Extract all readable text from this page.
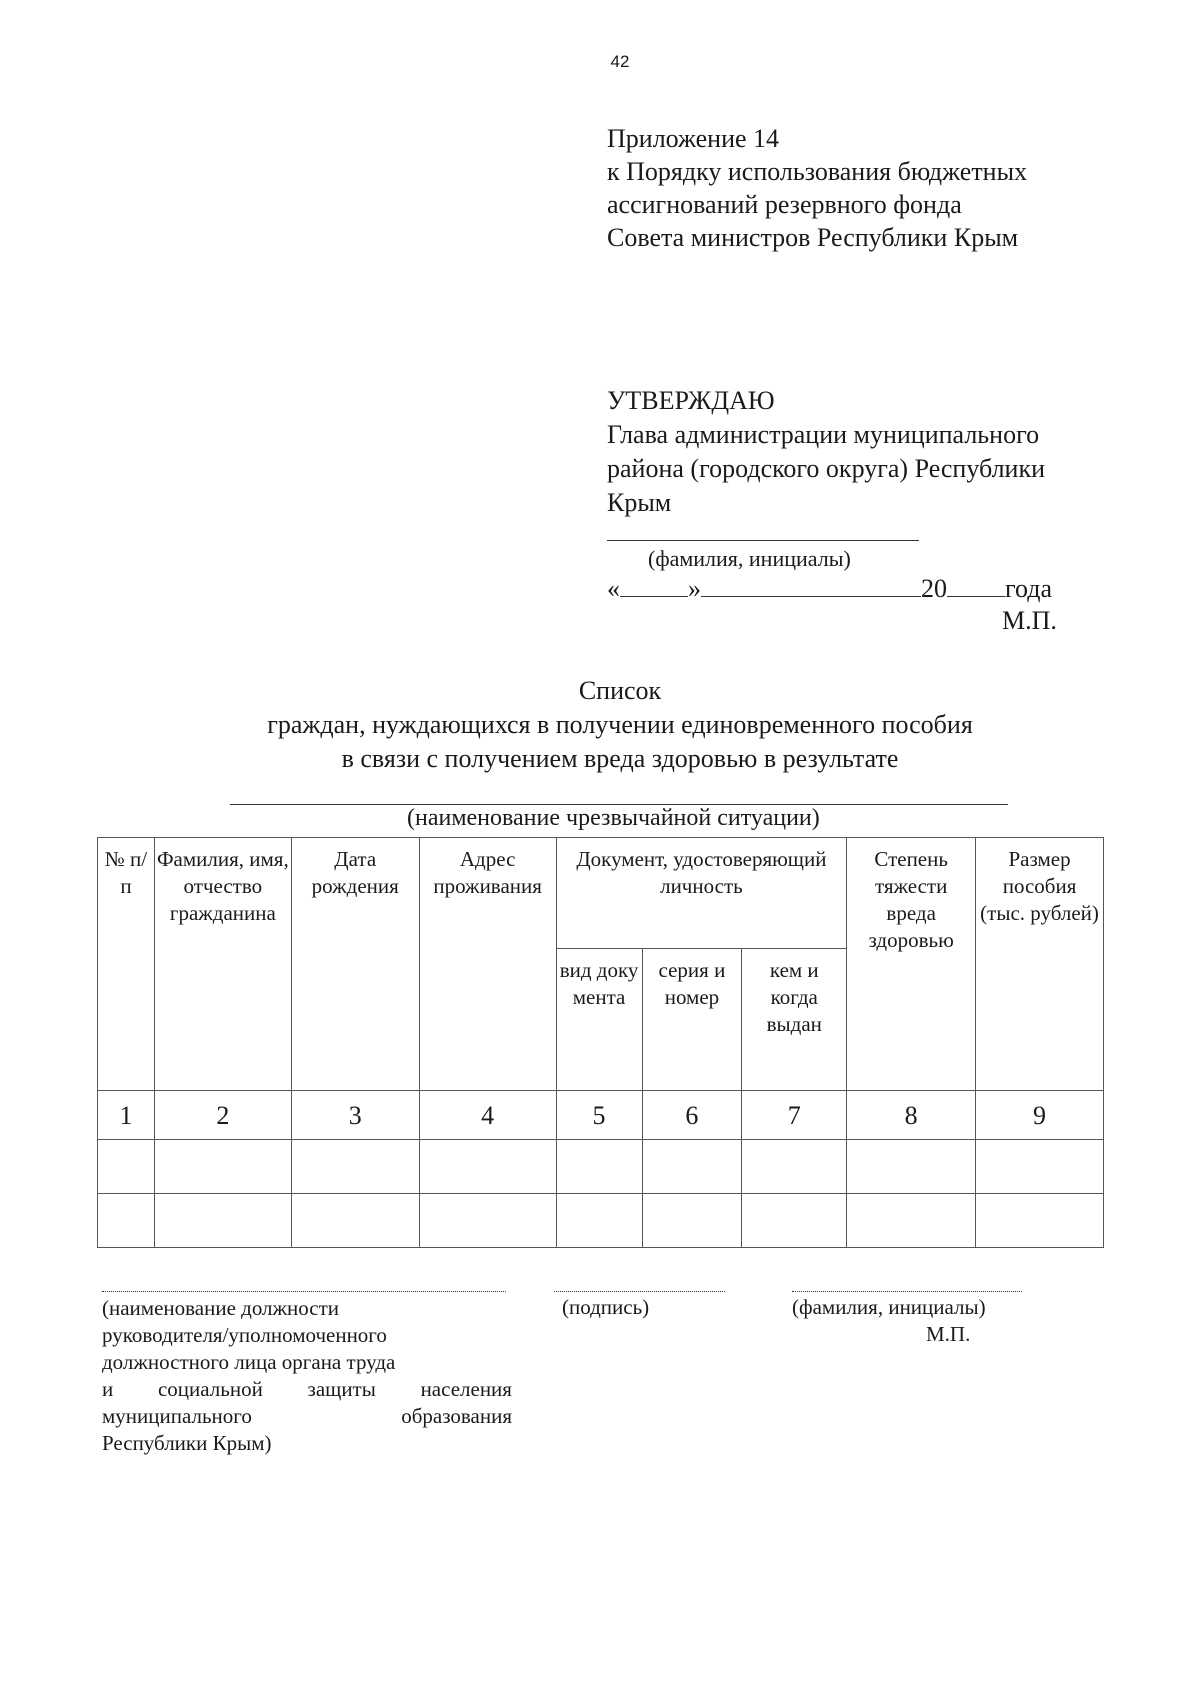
42
Приложение 14
к Порядку использования бюджетных
ассигнований резервного фонда
Совета министров Республики Крым
УТВЕРЖДАЮ
Глава администрации муниципального
района (городского округа) Республики
Крым
(фамилия, инициалы)
«	»	20 года
М.П.
Список
граждан, нуждающихся в получении единовременного пособия
в связи с получением вреда здоровью в результате
(наименование чрезвычайной ситуации)
№ п/п	Фамилия, имя, отчество гражданина	Дата рождения	Адрес проживания	Документ, удостоверяющий личность			Степень тяжести вреда здоровью	Размер пособия (тыс. рублей)
				вид доку мента	серия и номер	кем и когда выдан		
1	2	3	4	5	6	7	8	9

(наименование должности
руководителя/уполномоченного
должностного лица органа труда
и социальной защиты населения
муниципального	образования
Республики Крым)
(подпись)	(фамилия, инициалы)
М.П.
